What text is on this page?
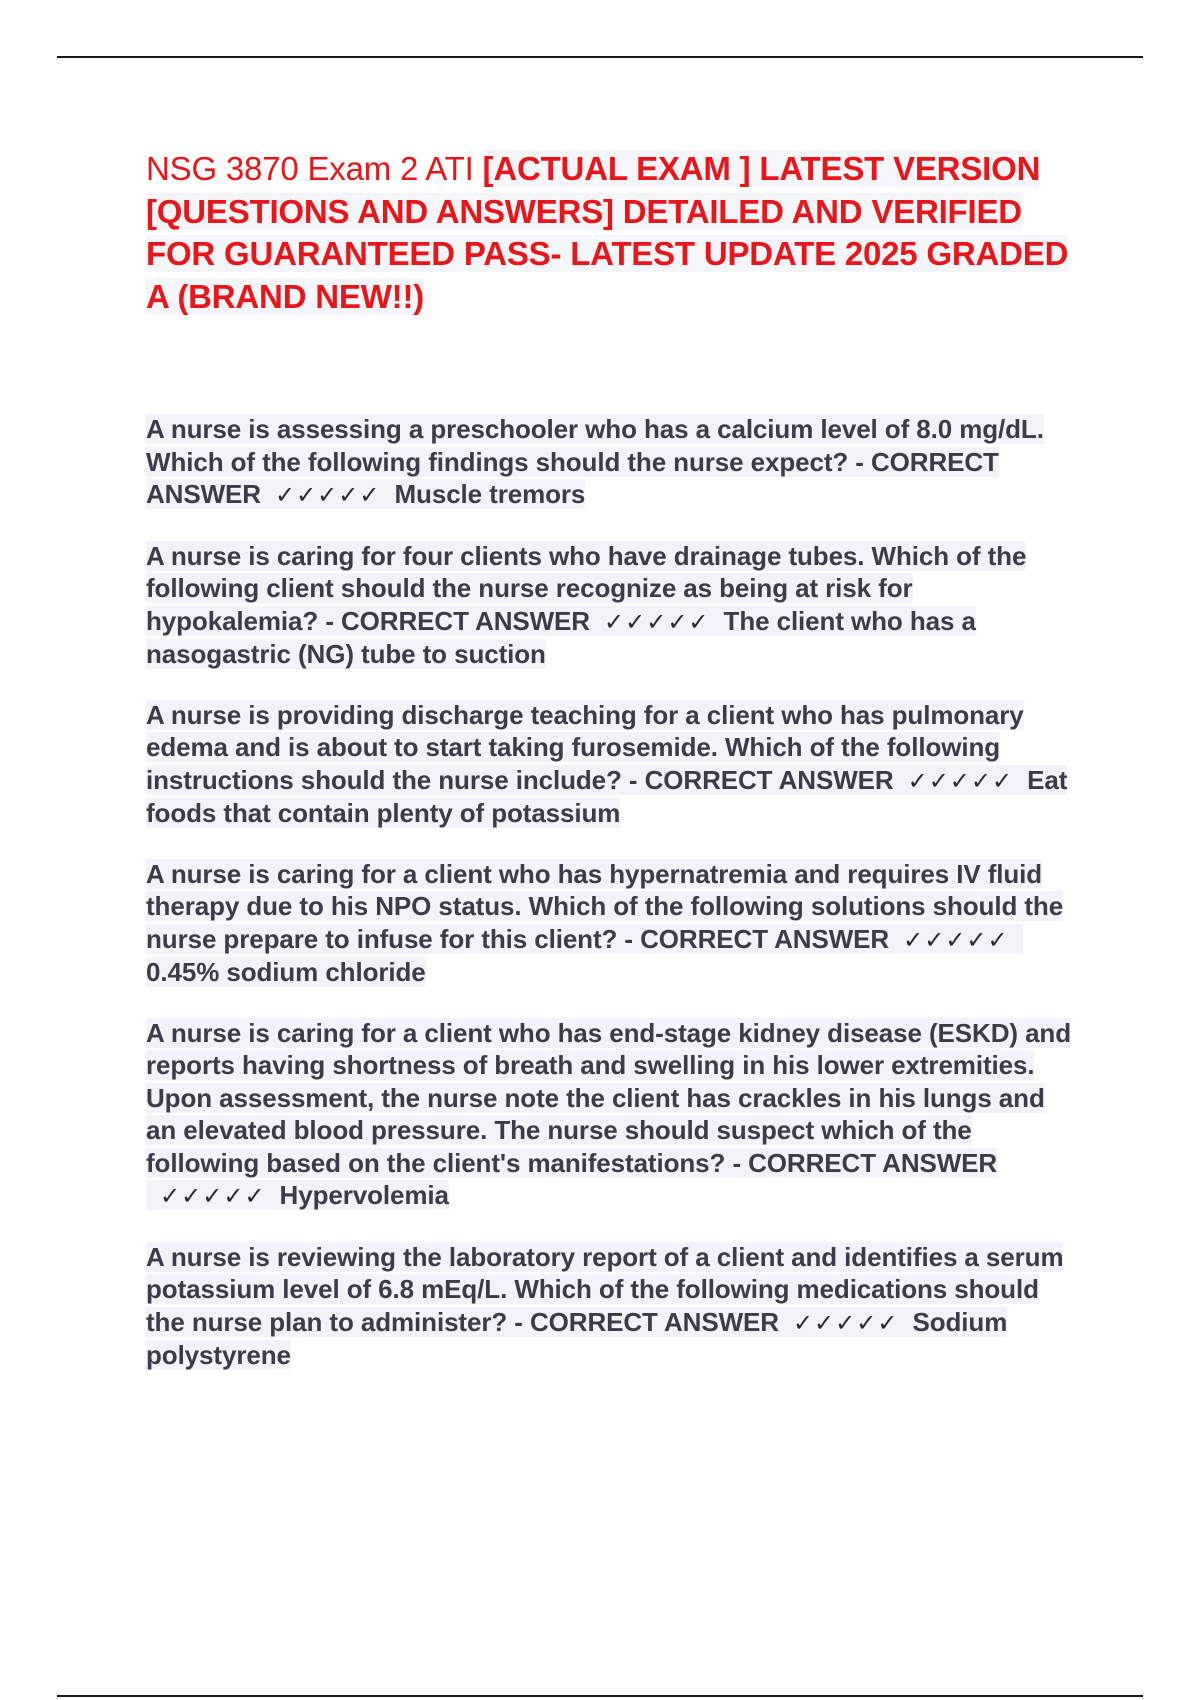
NSG 3870 Exam 2 ATI [ACTUAL EXAM ] LATEST VERSION [QUESTIONS AND ANSWERS] DETAILED AND VERIFIED FOR GUARANTEED PASS- LATEST UPDATE 2025 GRADED A (BRAND NEW!!)
A nurse is assessing a preschooler who has a calcium level of 8.0 mg/dL. Which of the following findings should the nurse expect? - CORRECT ANSWER ✓✓✓✓✓ Muscle tremors
A nurse is caring for four clients who have drainage tubes. Which of the following client should the nurse recognize as being at risk for hypokalemia? - CORRECT ANSWER ✓✓✓✓✓ The client who has a nasogastric (NG) tube to suction
A nurse is providing discharge teaching for a client who has pulmonary edema and is about to start taking furosemide. Which of the following instructions should the nurse include? - CORRECT ANSWER ✓✓✓✓✓ Eat foods that contain plenty of potassium
A nurse is caring for a client who has hypernatremia and requires IV fluid therapy due to his NPO status. Which of the following solutions should the nurse prepare to infuse for this client? - CORRECT ANSWER ✓✓✓✓✓0.45% sodium chloride
A nurse is caring for a client who has end-stage kidney disease (ESKD) and reports having shortness of breath and swelling in his lower extremities. Upon assessment, the nurse note the client has crackles in his lungs and an elevated blood pressure. The nurse should suspect which of the following based on the client's manifestations? - CORRECT ANSWER✓✓✓✓✓ Hypervolemia
A nurse is reviewing the laboratory report of a client and identifies a serum potassium level of 6.8 mEq/L. Which of the following medications should the nurse plan to administer? - CORRECT ANSWER ✓✓✓✓✓ Sodium polystyrene
